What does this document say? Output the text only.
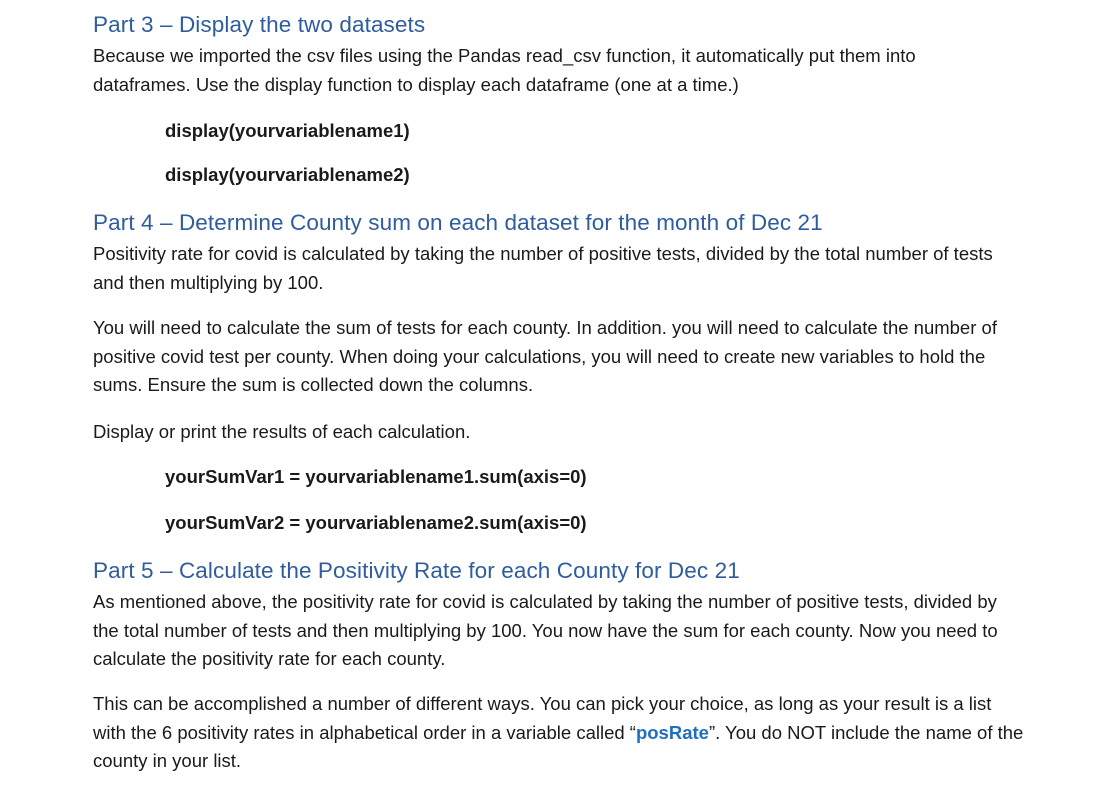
Part 3 – Display the two datasets

Because we imported the csv files using the Pandas read_csv function, it automatically put them into dataframes. Use the display function to display each dataframe (one at a time.)

display(yourvariablename1)

display(yourvariablename2)

Part 4 – Determine County sum on each dataset for the month of Dec 21

Positivity rate for covid is calculated by taking the number of positive tests, divided by the total number of tests and then multiplying by 100.

You will need to calculate the sum of tests for each county. In addition. you will need to calculate the number of positive covid test per county. When doing your calculations, you will need to create new variables to hold the sums. Ensure the sum is collected down the columns.

Display or print the results of each calculation.

yourSumVar1 = yourvariablename1.sum(axis=0)

yourSumVar2 = yourvariablename2.sum(axis=0)

Part 5 – Calculate the Positivity Rate for each County for Dec 21

As mentioned above, the positivity rate for covid is calculated by taking the number of positive tests, divided by the total number of tests and then multiplying by 100. You now have the sum for each county. Now you need to calculate the positivity rate for each county.

This can be accomplished a number of different ways. You can pick your choice, as long as your result is a list with the 6 positivity rates in alphabetical order in a variable called “posRate”. You do NOT include the name of the county in your list.
